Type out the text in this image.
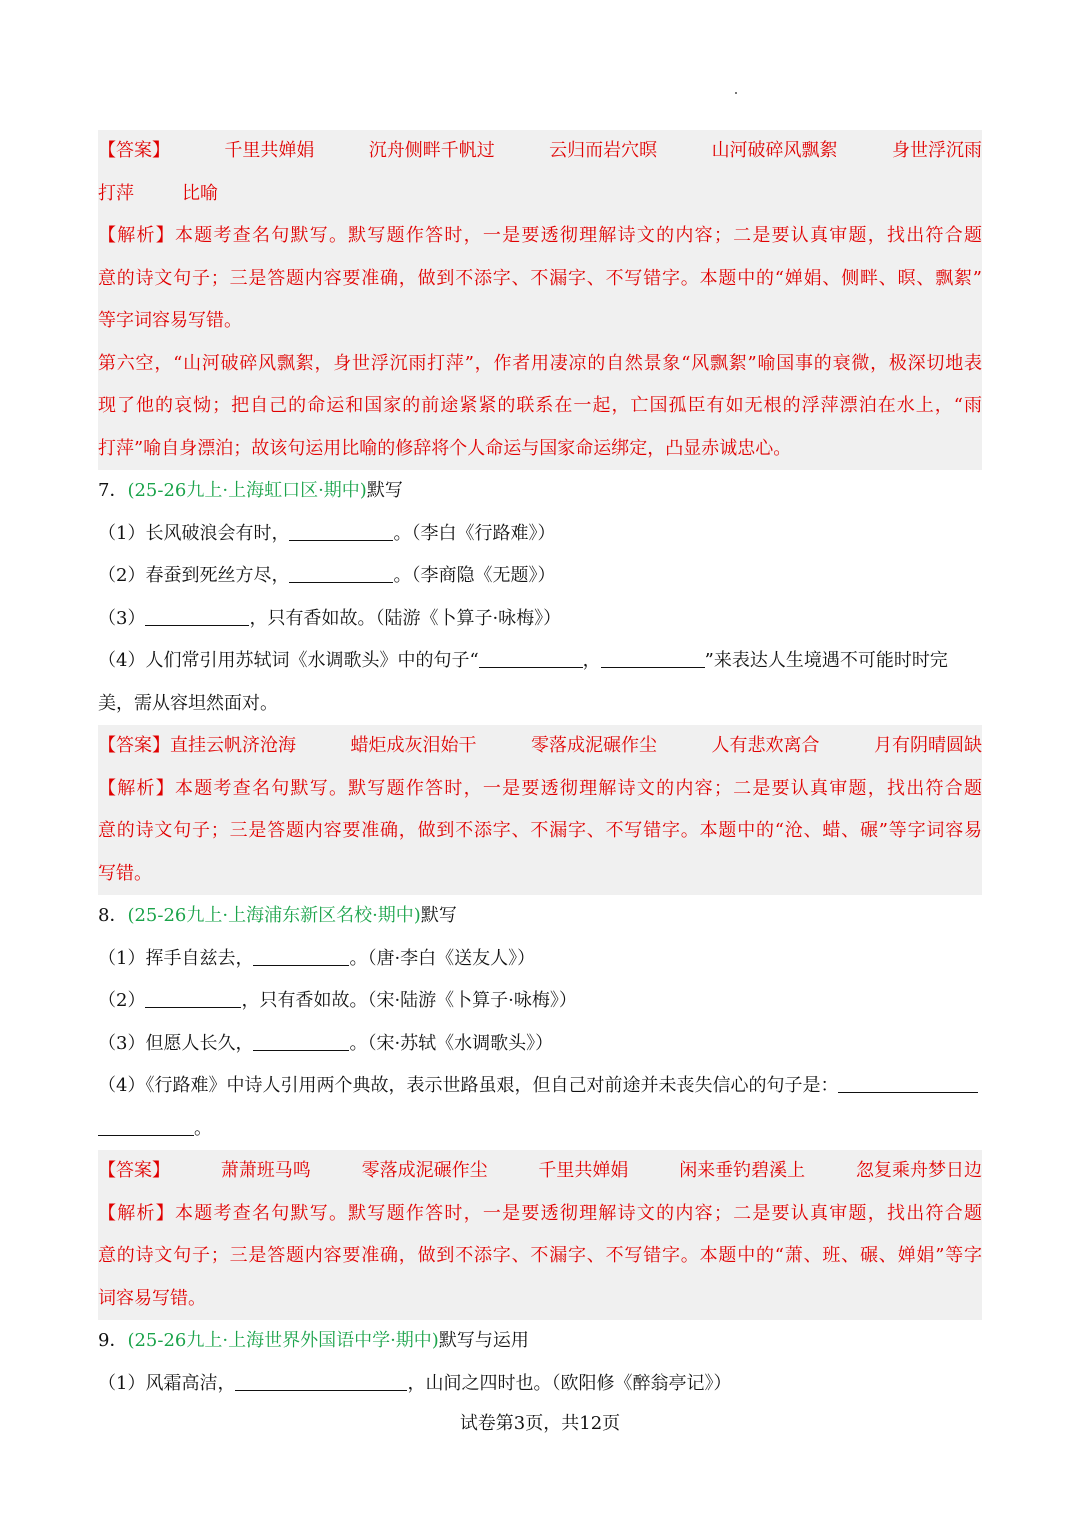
【答案】	千里共婵娟	沉舟侧畔千帆过	云归而岩穴暝	山河破碎风飘絮	身世浮沉雨
打萍	比喻
【解析】本题考查名句默写。默写题作答时，一是要透彻理解诗文的内容；二是要认真审题，找出符合题
意的诗文句子；三是答题内容要准确，做到不添字、不漏字、不写错字。本题中的“婵娟、侧畔、暝、飘絮”
等字词容易写错。
第六空，“山河破碎风飘絮，身世浮沉雨打萍”，作者用凄凉的自然景象“风飘絮”喻国事的衰微，极深切地表
现了他的哀恸；把自己的命运和国家的前途紧紧的联系在一起，亡国孤臣有如无根的浮萍漂泊在水上，“雨
打萍”喻自身漂泊；故该句运用比喻的修辞将个人命运与国家命运绑定，凸显赤诚忠心。
7．(25-26九上·上海虹口区·期中)默写
（1）长风破浪会有时，	。（李白《行路难》）
（2）春蚕到死丝方尽，	。（李商隐《无题》）
（3）	，只有香如故。（陆游《卜算子·咏梅》）
（4）人们常引用苏轼词《水调歌头》中的句子“	，	”来表达人生境遇不可能时时完
美，需从容坦然面对。
【答案】直挂云帆济沧海	蜡炬成灰泪始干	零落成泥碾作尘	人有悲欢离合	月有阴晴圆缺
【解析】本题考查名句默写。默写题作答时，一是要透彻理解诗文的内容；二是要认真审题，找出符合题
意的诗文句子；三是答题内容要准确，做到不添字、不漏字、不写错字。本题中的“沧、蜡、碾”等字词容易
写错。
8．(25-26九上·上海浦东新区名校·期中)默写
（1）挥手自兹去，	。（唐·李白《送友人》）
（2）	，只有香如故。（宋·陆游《卜算子·咏梅》）
（3）但愿人长久，	。（宋·苏轼《水调歌头》）
（4）《行路难》中诗人引用两个典故，表示世路虽艰，但自己对前途并未丧失信心的句子是：
。
【答案】	萧萧班马鸣	零落成泥碾作尘	千里共婵娟	闲来垂钓碧溪上	忽复乘舟梦日边
【解析】本题考查名句默写。默写题作答时，一是要透彻理解诗文的内容；二是要认真审题，找出符合题
意的诗文句子；三是答题内容要准确，做到不添字、不漏字、不写错字。本题中的“萧、班、碾、婵娟”等字
词容易写错。
9．(25-26九上·上海世界外国语中学·期中)默写与运用
（1）风霜高洁，	，山间之四时也。（欧阳修《醉翁亭记》）
试卷第3页，共12页
